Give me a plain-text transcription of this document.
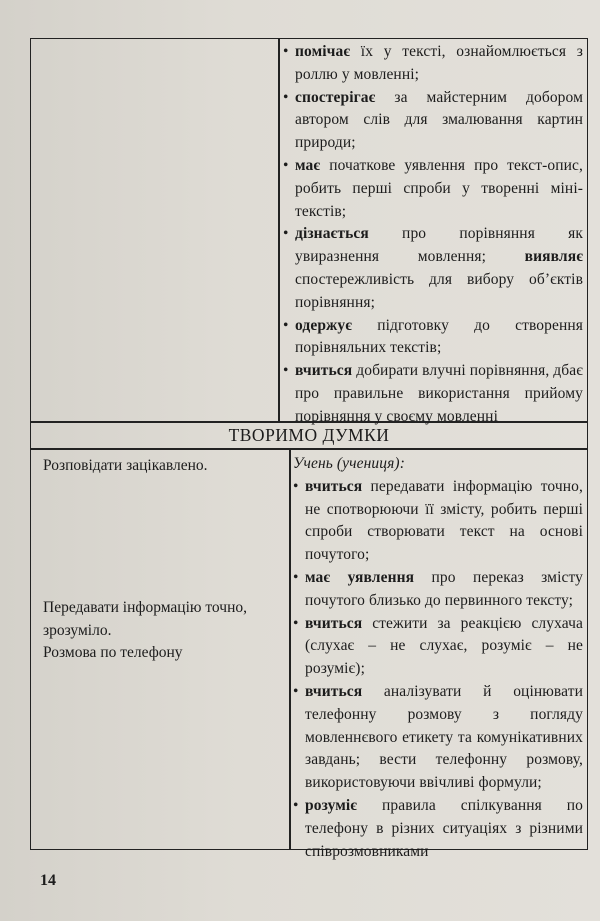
• помічає їх у тексті, ознайомлюється з роллю у мовленні;

• спостерігає за майстерним добором автором слів для змалювання картин природи;

• має початкове уявлення про текст-опис, робить перші спроби у творенні міні-текстів;

• дізнається про порівняння як увиразнення мовлення; виявляє спостережливість для вибору об’єктів порівняння;

• одержує підготовку до створення порівняльних текстів;

• вчиться добирати влучні порівняння, дбає про правильне використання прийому порівняння у своєму мовленні

ТВОРИМО ДУМКИ
Розповідати зацікавлено.
Передавати інформацію точно, зрозуміло.
Розмова по телефону

Учень (учениця):

• вчиться передавати інформацію точно, не спотворюючи її змісту, робить перші спроби створювати текст на основі почутого;

• має уявлення про переказ змісту почутого близько до первинного тексту;

• вчиться стежити за реакцією слухача (слухає – не слухає, розуміє – не розуміє);

• вчиться аналізувати й оцінювати телефонну розмову з погляду мовленнєвого етикету та комунікативних завдань; вести телефонну розмову, використовуючи ввічливі формули;

• розуміє правила спілкування по телефону в різних ситуаціях з різними співрозмовниками

14
